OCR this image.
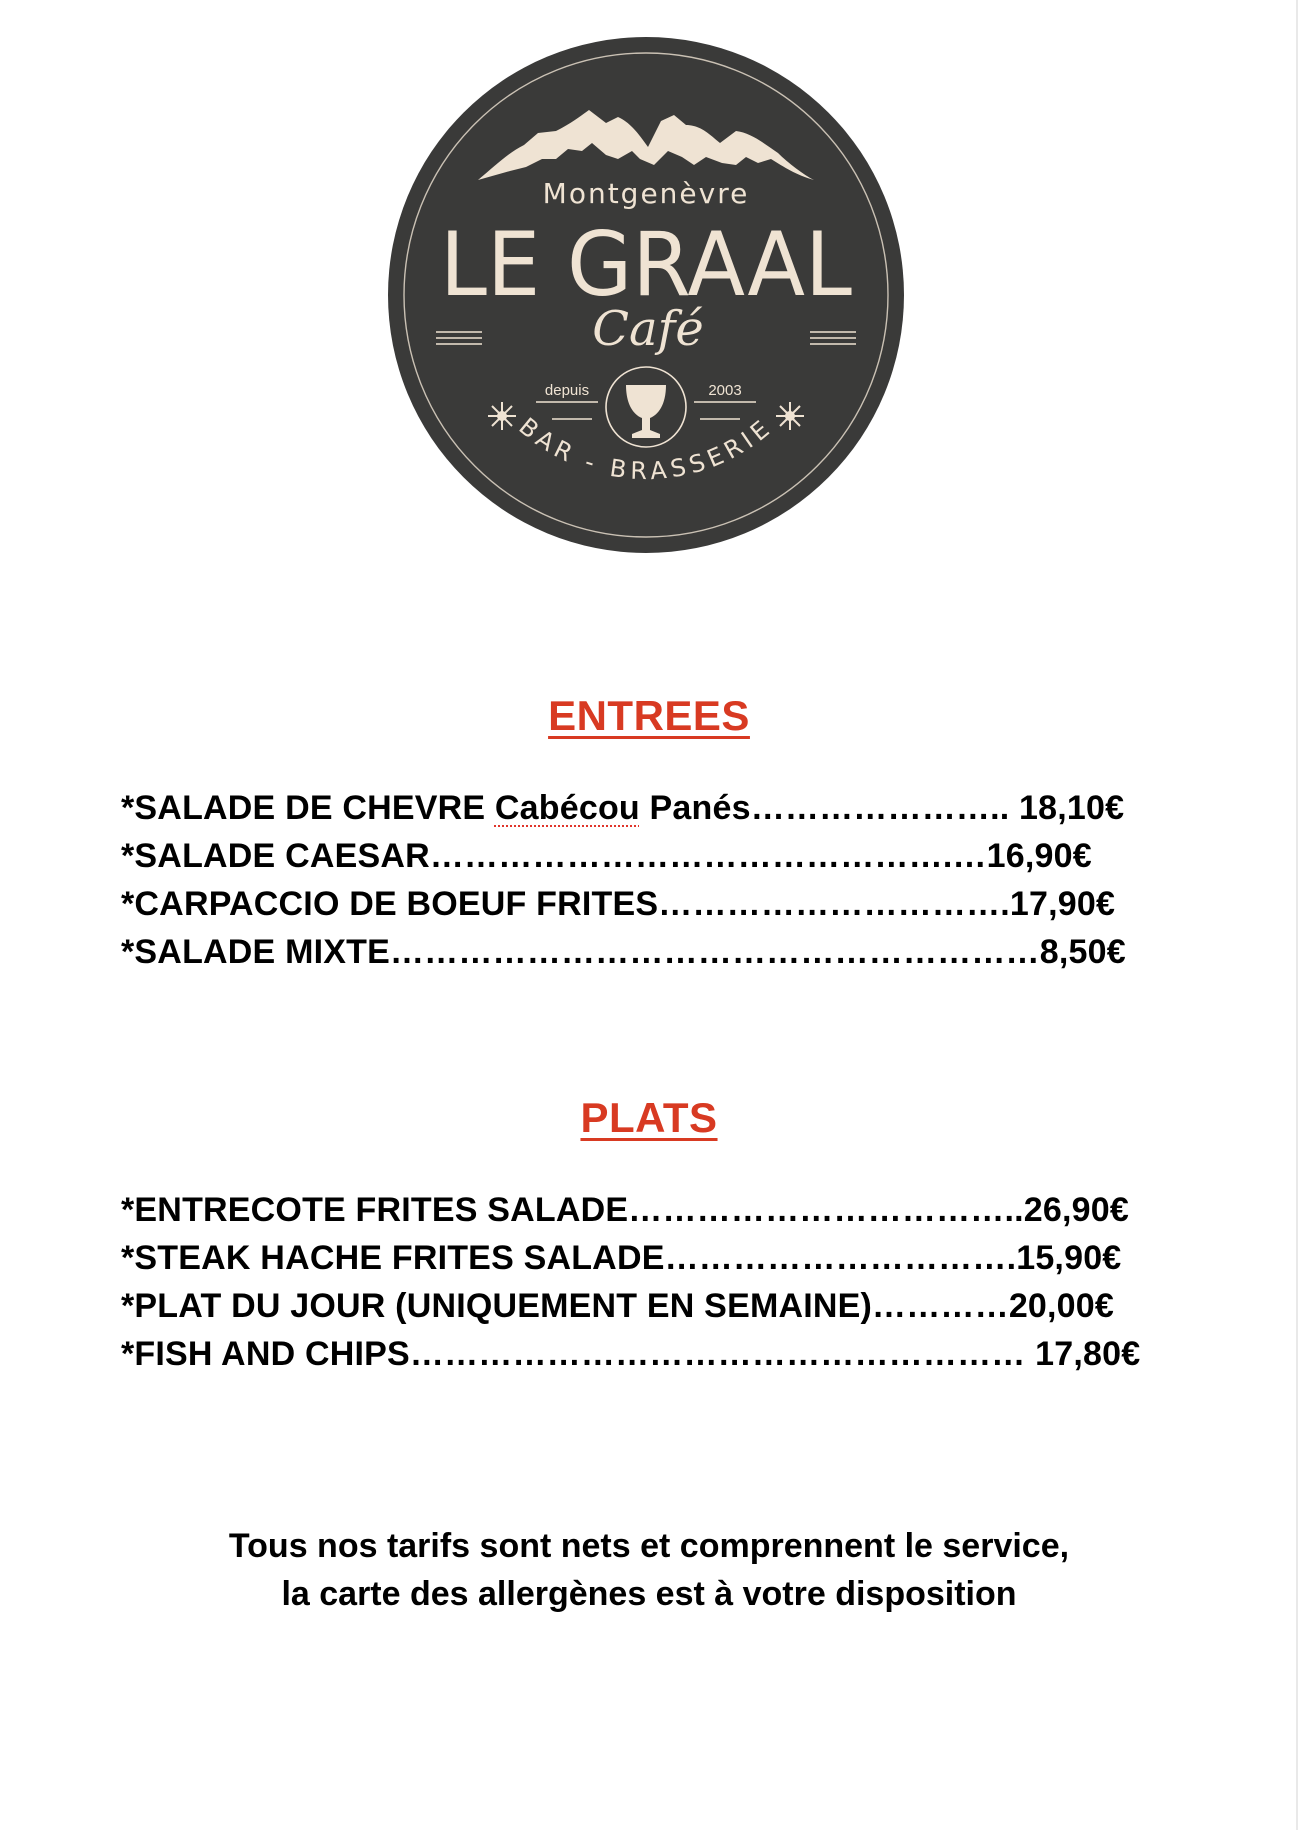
Montgenèvre
LE GRAAL
Café
depuis	2003
BAR - BRASSERIE
ENTREES
*SALADE DE CHEVRE Cabécou Panés………………….. 18,10€
*SALADE CAESAR……………………………………….…16,90€
*CARPACCIO DE BOEUF FRITES………………………….17,90€
*SALADE MIXTE…………………………………………………8,50€
PLATS
*ENTRECOTE FRITES SALADE……………………………..26,90€
*STEAK HACHE FRITES SALADE………………………….15,90€
*PLAT DU JOUR (UNIQUEMENT EN SEMAINE)…………20,00€
*FISH AND CHIPS……………………………………………… 17,80€
Tous nos tarifs sont nets et comprennent le service,
la carte des allergènes est à votre disposition
